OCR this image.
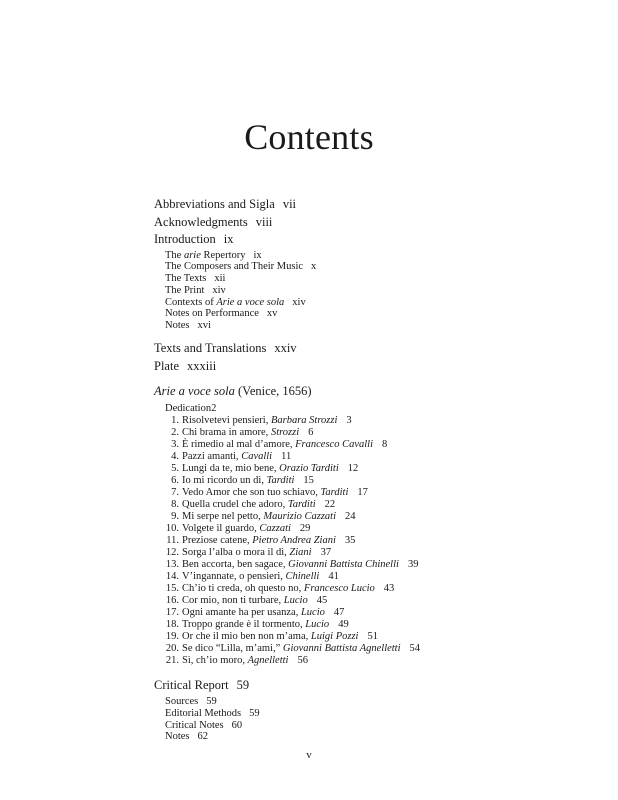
Contents
Abbreviations and Sigla vii
Acknowledgments viii
Introduction ix
The arie Repertory ix
The Composers and Their Music x
The Texts xii
The Print xiv
Contexts of Arie a voce sola xiv
Notes on Performance xv
Notes xvi
Texts and Translations xxiv
Plate xxxiii
Arie a voce sola (Venice, 1656)
Dedication2
1. Risolvetevi pensieri, Barbara Strozzi 3
2. Chi brama in amore, Strozzi 6
3. È rimedio al mal d’amore, Francesco Cavalli 8
4. Pazzi amanti, Cavalli 11
5. Lungi da te, mio bene, Orazio Tarditi 12
6. Io mi ricordo un dì, Tarditi 15
7. Vedo Amor che son tuo schiavo, Tarditi 17
8. Quella crudel che adoro, Tarditi 22
9. Mi serpe nel petto, Maurizio Cazzati 24
10. Volgete il guardo, Cazzati 29
11. Preziose catene, Pietro Andrea Ziani 35
12. Sorga l’alba o mora il dì, Ziani 37
13. Ben accorta, ben sagace, Giovanni Battista Chinelli 39
14. V’ingannate, o pensieri, Chinelli 41
15. Ch’io ti creda, oh questo no, Francesco Lucio 43
16. Cor mio, non ti turbare, Lucio 45
17. Ogni amante ha per usanza, Lucio 47
18. Troppo grande è il tormento, Lucio 49
19. Or che il mio ben non m’ama, Luigi Pozzi 51
20. Se dico “Lilla, m’ami,” Giovanni Battista Agnelletti 54
21. Sì, ch’io moro, Agnelletti 56
Critical Report 59
Sources 59
Editorial Methods 59
Critical Notes 60
Notes 62
v
